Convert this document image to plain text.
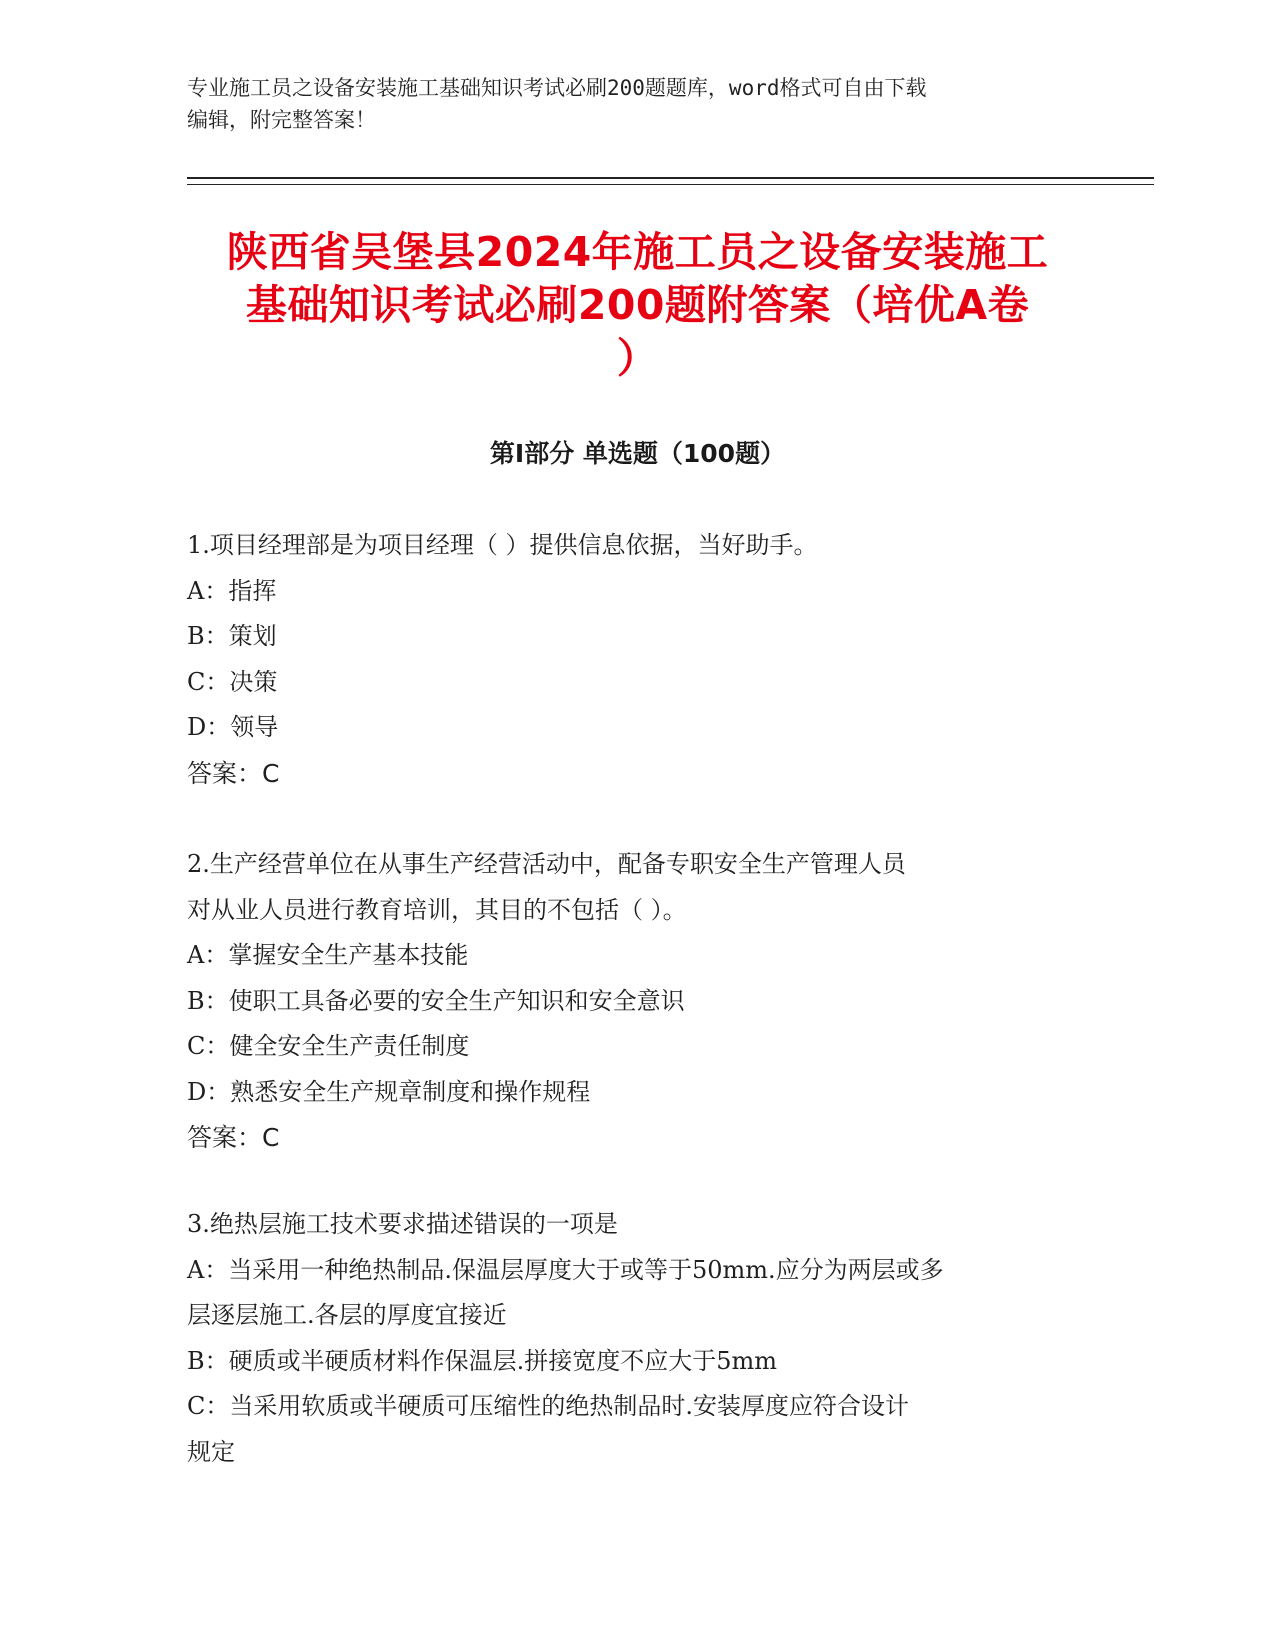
专业施工员之设备安装施工基础知识考试必刷200题题库，word格式可自由下载
编辑，附完整答案！
陕西省吴堡县2024年施工员之设备安装施工
基础知识考试必刷200题附答案（培优A卷
）
第I部分 单选题（100题）
1.项目经理部是为项目经理（ ）提供信息依据，当好助手。
A：指挥
B：策划
C：决策
D：领导
答案：C
2.生产经营单位在从事生产经营活动中，配备专职安全生产管理人员
对从业人员进行教育培训，其目的不包括（ ）。
A：掌握安全生产基本技能
B：使职工具备必要的安全生产知识和安全意识
C：健全安全生产责任制度
D：熟悉安全生产规章制度和操作规程
答案：C
3.绝热层施工技术要求描述错误的一项是
A：当采用一种绝热制品.保温层厚度大于或等于50mm.应分为两层或多
层逐层施工.各层的厚度宜接近
B：硬质或半硬质材料作保温层.拼接宽度不应大于5mm
C：当采用软质或半硬质可压缩性的绝热制品时.安装厚度应符合设计
规定
